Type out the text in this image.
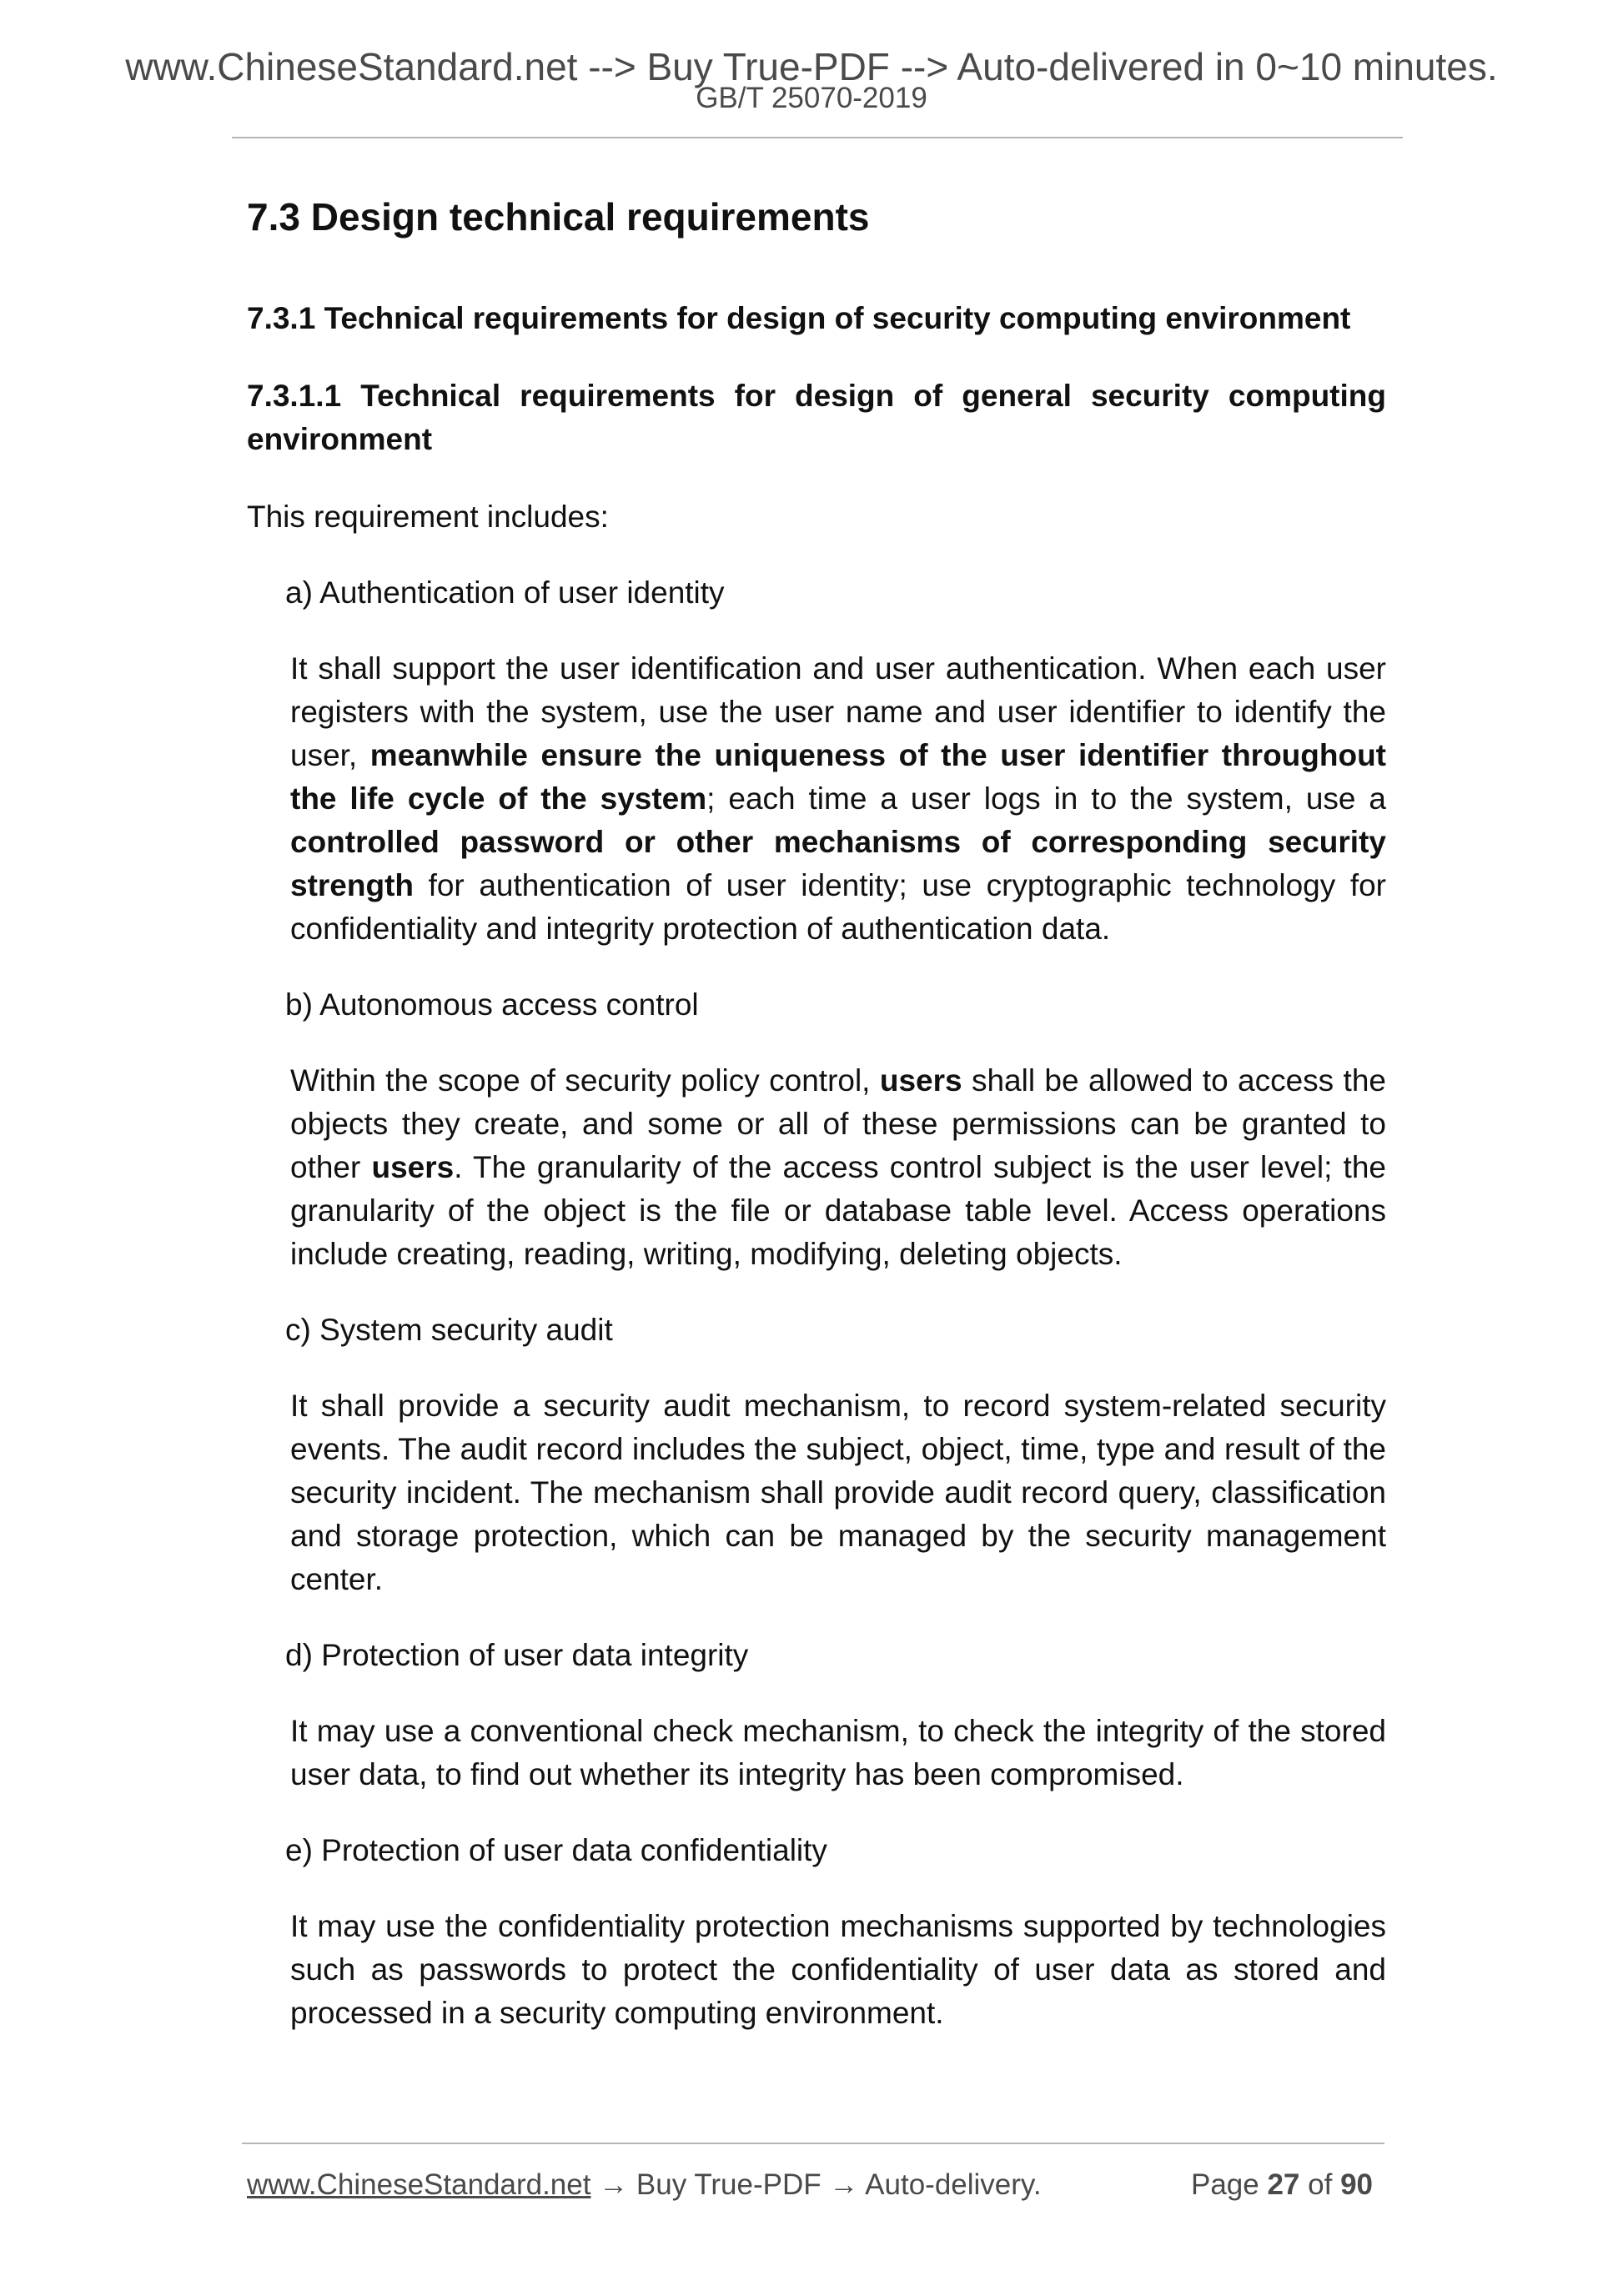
www.ChineseStandard.net --> Buy True-PDF --> Auto-delivered in 0~10 minutes.
GB/T 25070-2019
7.3 Design technical requirements

7.3.1 Technical requirements for design of security computing environment

7.3.1.1 Technical requirements for design of general security computing environment

This requirement includes:

a) Authentication of user identity

It shall support the user identification and user authentication. When each user registers with the system, use the user name and user identifier to identify the user, meanwhile ensure the uniqueness of the user identifier throughout the life cycle of the system; each time a user logs in to the system, use a controlled password or other mechanisms of corresponding security strength for authentication of user identity; use cryptographic technology for confidentiality and integrity protection of authentication data.

b) Autonomous access control

Within the scope of security policy control, users shall be allowed to access the objects they create, and some or all of these permissions can be granted to other users. The granularity of the access control subject is the user level; the granularity of the object is the file or database table level. Access operations include creating, reading, writing, modifying, deleting objects.

c) System security audit

It shall provide a security audit mechanism, to record system-related security events. The audit record includes the subject, object, time, type and result of the security incident. The mechanism shall provide audit record query, classification and storage protection, which can be managed by the security management center.

d) Protection of user data integrity

It may use a conventional check mechanism, to check the integrity of the stored user data, to find out whether its integrity has been compromised.

e) Protection of user data confidentiality

It may use the confidentiality protection mechanisms supported by technologies such as passwords to protect the confidentiality of user data as stored and processed in a security computing environment.

www.ChineseStandard.net → Buy True-PDF → Auto-delivery.	Page 27 of 90
